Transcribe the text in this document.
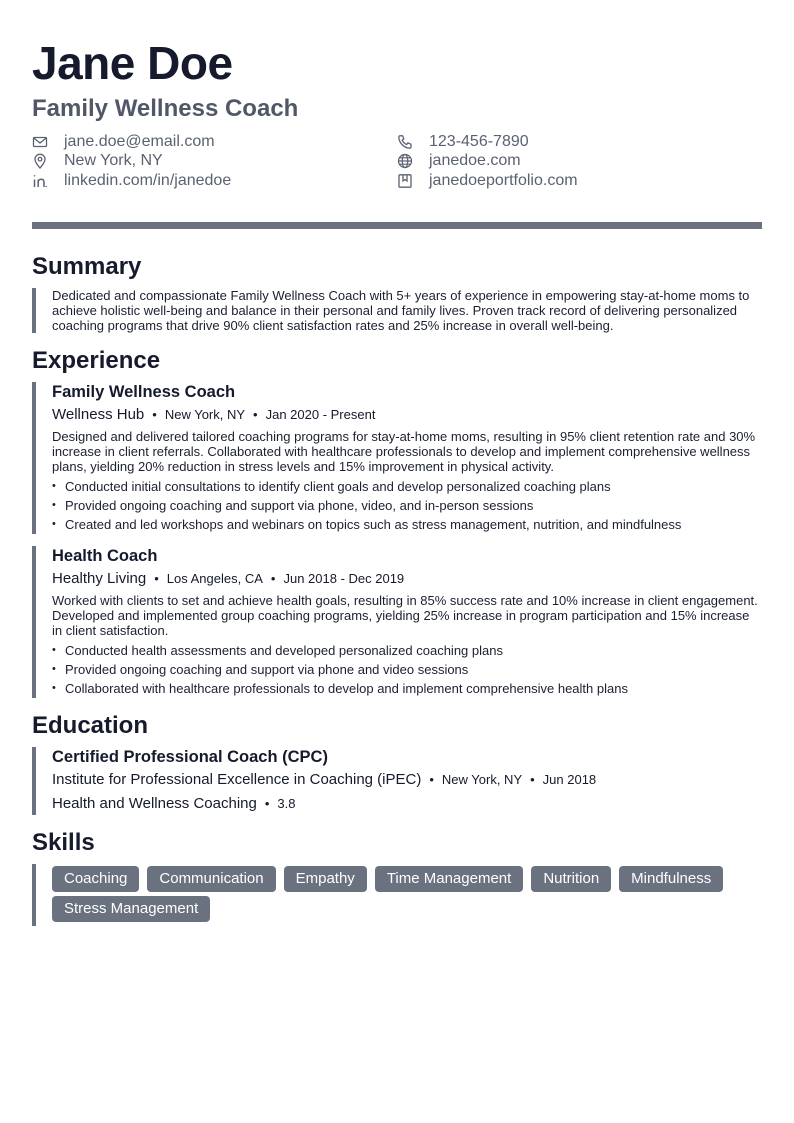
Jane Doe
Family Wellness Coach
jane.doe@email.com	123-456-7890
New York, NY	janedoe.com
linkedin.com/in/janedoe	janedoeportfolio.com
Summary
Dedicated and compassionate Family Wellness Coach with 5+ years of experience in empowering stay-at-home moms to achieve holistic well-being and balance in their personal and family lives. Proven track record of delivering personalized coaching programs that drive 90% client satisfaction rates and 25% increase in overall well-being.
Experience
Family Wellness Coach
Wellness Hub • New York, NY • Jan 2020 - Present
Designed and delivered tailored coaching programs for stay-at-home moms, resulting in 95% client retention rate and 30% increase in client referrals. Collaborated with healthcare professionals to develop and implement comprehensive wellness plans, yielding 20% reduction in stress levels and 15% improvement in physical activity.
• Conducted initial consultations to identify client goals and develop personalized coaching plans
• Provided ongoing coaching and support via phone, video, and in-person sessions
• Created and led workshops and webinars on topics such as stress management, nutrition, and mindfulness
Health Coach
Healthy Living • Los Angeles, CA • Jun 2018 - Dec 2019
Worked with clients to set and achieve health goals, resulting in 85% success rate and 10% increase in client engagement. Developed and implemented group coaching programs, yielding 25% increase in program participation and 15% increase in client satisfaction.
• Conducted health assessments and developed personalized coaching plans
• Provided ongoing coaching and support via phone and video sessions
• Collaborated with healthcare professionals to develop and implement comprehensive health plans
Education
Certified Professional Coach (CPC)
Institute for Professional Excellence in Coaching (iPEC) • New York, NY • Jun 2018
Health and Wellness Coaching • 3.8
Skills
Coaching	Communication	Empathy	Time Management	Nutrition	Mindfulness
Stress Management
